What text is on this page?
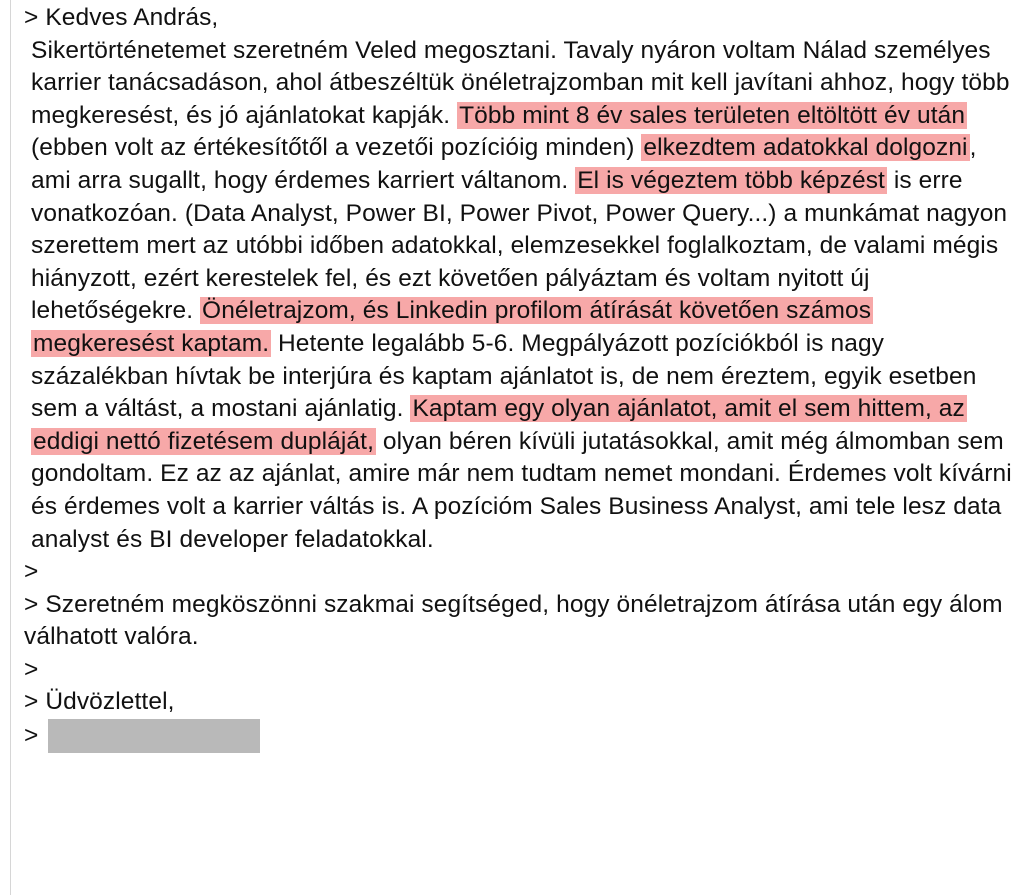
> Kedves András,

Sikertörténetemet szeretném Veled megosztani. Tavaly nyáron voltam Nálad személyes karrier tanácsadáson, ahol átbeszéltük önéletrajzomban mit kell javítani ahhoz, hogy több megkeresést, és jó ajánlatokat kapják. Több mint 8 év sales területen eltöltött év után (ebben volt az értékesítőtől a vezetői pozícióig minden) elkezdtem adatokkal dolgozni, ami arra sugallt, hogy érdemes karriert váltanom. El is végeztem több képzést is erre vonatkozóan. (Data Analyst, Power BI, Power Pivot, Power Query...) a munkámat nagyon szerettem mert az utóbbi időben adatokkal, elemzesekkel foglalkoztam, de valami mégis hiányzott, ezért kerestelek fel, és ezt követően pályáztam és voltam nyitott új lehetőségekre. Önéletrajzom, és Linkedin profilom átírását követően számos megkeresést kaptam. Hetente legalább 5-6. Megpályázott pozíciókból is nagy százalékban hívtak be interjúra és kaptam ajánlatot is, de nem éreztem, egyik esetben sem a váltást, a mostani ajánlatig. Kaptam egy olyan ajánlatot, amit el sem hittem, az eddigi nettó fizetésem dupláját, olyan béren kívüli jutatásokkal, amit még álmomban sem gondoltam. Ez az az ajánlat, amire már nem tudtam nemet mondani. Érdemes volt kívárni és érdemes volt a karrier váltás is. A pozícióm Sales Business Analyst, ami tele lesz data analyst és BI developer feladatokkal.

>

> Szeretném megköszönni szakmai segítséged, hogy önéletrajzom átírása után egy álom válhatott valóra.

>

> Üdvözlettel,

>
